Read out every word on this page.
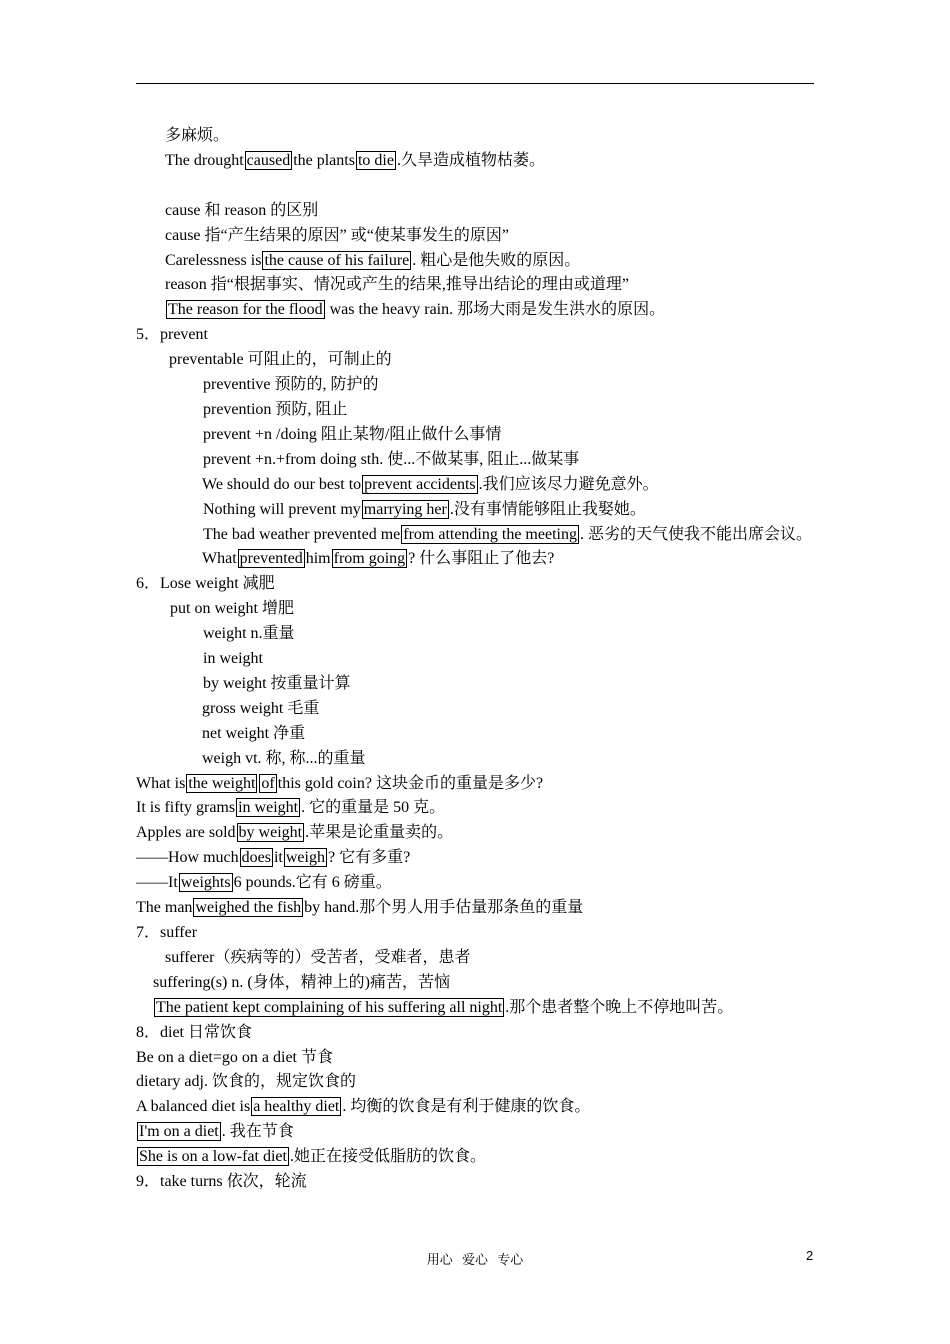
多麻烦。
The drought caused the plants to die .久旱造成植物枯萎。

cause 和 reason 的区别
cause 指“产生结果的原因” 或“使某事发生的原因”
Carelessness is the cause of his failure . 粗心是他失败的原因。
reason 指“根据事实、情况或产生的结果,推导出结论的理由或道理”
The reason for the flood was the heavy rain. 那场大雨是发生洪水的原因。
5．prevent
preventable 可阻止的，可制止的
preventive 预防的, 防护的
prevention 预防, 阻止
prevent +n /doing 阻止某物/阻止做什么事情
prevent +n.+from doing sth. 使...不做某事, 阻止...做某事
We should do our best to prevent accidents .我们应该尽力避免意外。
Nothing will prevent my marrying her .没有事情能够阻止我娶她。
The bad weather prevented me from attending the meeting . 恶劣的天气使我不能出席会议。
What prevented him from going ? 什么事阻止了他去?
6．Lose weight 减肥
put on weight 增肥
weight n.重量
in weight
by weight 按重量计算
gross weight 毛重
net weight 净重
weigh vt. 称, 称...的重量
What is the weight of this gold coin? 这块金币的重量是多少?
It is fifty grams in weight . 它的重量是 50 克。
Apples are sold by weight .苹果是论重量卖的。
——How much does it weigh ? 它有多重?
——It weights 6 pounds.它有 6 磅重。
The man weighed the fish by hand.那个男人用手估量那条鱼的重量
7．suffer
sufferer（疾病等的）受苦者，受难者，患者
suffering(s) n. (身体，精神上的)痛苦，苦恼
The patient kept complaining of his suffering all night .那个患者整个晚上不停地叫苦。
8．diet 日常饮食
Be on a diet=go on a diet 节食
dietary adj. 饮食的，规定饮食的
A balanced diet is a healthy diet . 均衡的饮食是有利于健康的饮食。
I'm on a diet . 我在节食
She is on a low-fat diet .她正在接受低脂肪的饮食。
9．take turns 依次，轮流
用心 爱心 专心	2
